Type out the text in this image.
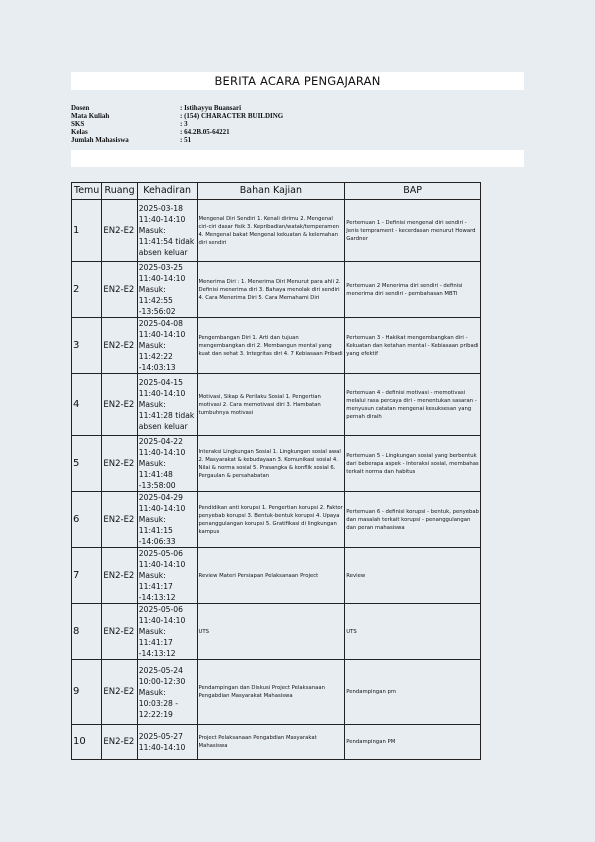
BERITA ACARA PENGAJARAN
Dosen	: Istihayyu Buansari
Mata Kuliah	: (154) CHARACTER BUILDING
SKS	: 3
Kelas	: 64.2B.05-64221
Jumlah Mahasiswa	: 51
Temu	Ruang	Kehadiran	Bahan Kajian	BAP
1	EN2-E2	2025-03-18 11:40-14:10 Masuk: 11:41:54 tidak absen keluar	Mengenal Diri Sendiri 1. Kenali dirimu 2. Mengenal ciri-ciri dasar fisik 3. Kepribadian/watak/temperamen 4. Mengenal bakat Mengenal kekuatan & kelemahan diri sendiri	Pertemuan 1 - Definisi mengenal diri sendiri - Jenis temprament - kecerdasan menurut Howard Gardner
2	EN2-E2	2025-03-25 11:40-14:10 Masuk: 11:42:55 -13:56:02	Menerima Diri : 1. Menerima Diri Menurut para ahli 2. Definisi menerima diri 3. Bahaya menolak diri sendiri 4. Cara Menerima Diri 5. Cara Memahami Diri	Pertemuan 2 Menerima diri sendiri - definisi menerima diri sendiri - pembahasan MBTI
3	EN2-E2	2025-04-08 11:40-14:10 Masuk: 11:42:22 -14:03:13	Pengembangan Diri 1. Arti dan tujuan mengembangkan diri 2. Membangun mental yang kuat dan sehat 3. Integritas diri 4. 7 Kebiasaan Pribadi	Pertemuan 3 - Hakikat mengembangkan diri - Kekuatan dan ketahan mental - Kebiasaan pribadi yang efektif
4	EN2-E2	2025-04-15 11:40-14:10 Masuk: 11:41:28 tidak absen keluar	Motivasi, Sikap & Perilaku Sosial 1. Pengertian motivasi 2. Cara memotivasi diri 3. Hambatan tumbuhnya motivasi	Pertemuan 4 - definisi motivasi - memotivasi melalui rasa percaya diri - menentukan sasaran - menyusun catatan mengenai kesuksesan yang pernah diraih
5	EN2-E2	2025-04-22 11:40-14:10 Masuk: 11:41:48 -13:58:00	Interaksi Lingkungan Sosial 1. Lingkungan sosial awal 2. Masyarakat & kebudayaan 3. Komunikasi sosial 4. Nilai & norma sosial 5. Prasangka & konflik sosial 6. Pergaulan & persahabatan	Pertemuan 5 - Lingkungan sosial yang berbentuk dari beberapa aspek - Interaksi sosial, membahas terkait norma dan habitus
6	EN2-E2	2025-04-29 11:40-14:10 Masuk: 11:41:15 -14:06:33	Pendidikan anti korupsi 1. Pengertian korupsi 2. Faktor penyebab korupsi 3. Bentuk-bentuk korupsi 4. Upaya penanggulangan korupsi 5. Gratifikasi di lingkungan kampus	Pertemuan 6 - definisi korupsi - bentuk, penyebab dan masalah terkait korupsi - penanggulangan dan peran mahasiswa
7	EN2-E2	2025-05-06 11:40-14:10 Masuk: 11:41:17 -14:13:12	Review Materi Persiapan Pelaksanaan Project	Review
8	EN2-E2	2025-05-06 11:40-14:10 Masuk: 11:41:17 -14:13:12	UTS	UTS
9	EN2-E2	2025-05-24 10:00-12:30 Masuk: 10:03:28 - 12:22:19	Pendampingan dan Diskusi Project Pelaksanaan Pengabdian Masyarakat Mahasiswa	Pendampingan pm
10	EN2-E2	2025-05-27 11:40-14:10	Project Pelaksanaan Pengabdian Masyarakat Mahasiswa	Pendampingan PM
